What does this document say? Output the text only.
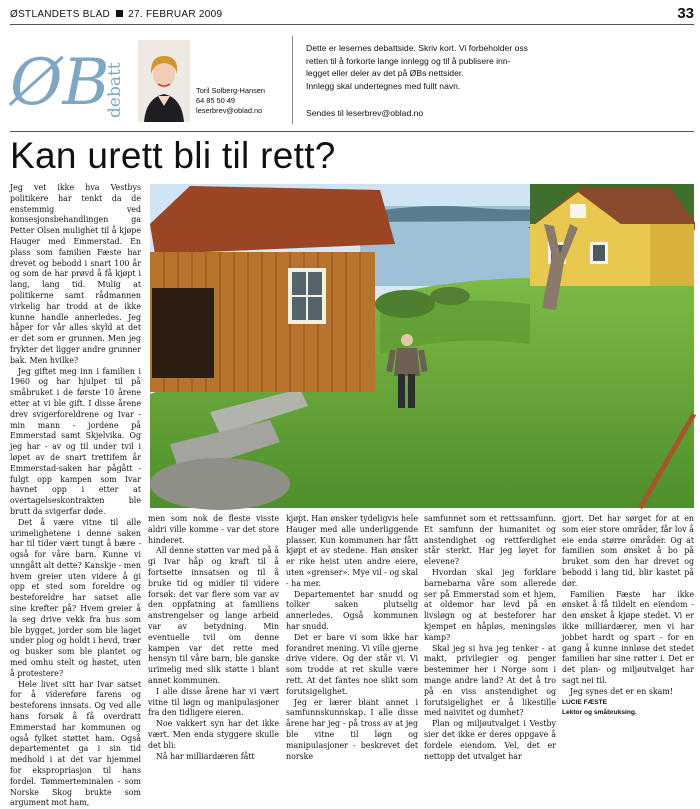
ØSTLANDETS BLAD 27. FEBRUAR 2009	33
ØB
debatt	Toril Solberg-Hansen
64 85 50 49
leserbrev@oblad.no
Dette er lesernes debattside. Skriv kort. Vi forbeholder oss
retten til å forkorte lange innlegg og til å publisere inn-
legget eller deler av det på ØBs nettsider.
Innlegg skal undertegnes med fullt navn.
Sendes til leserbrev@oblad.no
Kan urett bli til rett?

Jeg vet ikke hva Vestbys politikere har tenkt da de enstemmig ved konsesjonsbehandlingen ga Petter Olsen mulighet til å kjøpe Hauger med Emmerstad. En plass som familien Fæste har drevet og bebodd i snart 100 år og som de har prøvd å få kjøpt i lang, lang tid. Mulig at politikerne samt rådmannen virkelig har trodd at de ikke kunne handle annerledes. Jeg håper for vår alles skyld at det er det som er grunnen. Men jeg frykter det ligger andre grunner bak. Men hvilke?

Jeg giftet meg inn i familien i 1960 og har hjulpet til på småbruket i de første 10 årene etter at vi ble gift. I disse årene drev svigerforeldrene og Ivar - min mann - jordene på Emmerstad samt Skjelvika. Og jeg har - av og til under tvil i løpet av de snart trettifem år Emmerstad-saken har pågått - fulgt opp kampen som Ivar havnet opp i etter at overtagelseskontrakten ble brutt da svigerfar døde.

Det å være vitne til alle urimelighetene i denne saken har til tider vært tungt å bære - også for våre barn. Kunne vi unngått alt dette? Kanskje - men hvem greier uten videre å gi opp et sted som foreldre og besteforeldre har satset alle sine krefter på? Hvem greier å la seg drive vekk fra hus som ble bygget, jorder som ble laget under plog og holdt i hevd, trær og busker som ble plantet og med omhu stelt og høstet, uten å protestere?

Hele livet sitt har Ivar satset for å videreføre farens og besteforens innsats. Og ved alle hans forsøk å få overdratt Emmerstad har kommunen og også fylket støttet ham. Også departementet ga i sin tid medhold i at det var hjemmel for ekspropriasjon til hans fordel. Tømmerteminalen - som Norske Skog brukte som argument mot ham,

men som nok de fleste visste aldri ville komme - var det store hinderet.

All denne støtten var med på å gi Ivar håp og kraft til å fortsette innsatsen og til å bruke tid og midler til videre forsøk: det var flere som var av den oppfatning at familiens anstrengelser og lange arbeid var av betydning. Min eventuelle tvil om denne kampen var det rette med hensyn til våre barn, ble ganske urimelig med slik støtte i blant annet kommunen.

I alle disse årene har vi vært vitne til løgn og manipulasjoner fra den tidligere eieren.

Noe vakkert syn har det ikke vært. Men enda styggere skulle det bli:

Nå har milliardæren fått

kjøpt. Han ønsker tydeligvis hele Hauger med alle underliggende plasser. Kun kommunen har fått kjøpt et av stedene. Han ønsker er rike heist uten andre eiere, uten «grenser». Mye vil - og skal - ha mer.

Departementet har snudd og tolker saken plutselig annerledes. Også kommunen har snudd.

Det er bare vi som ikke har forandret mening. Vi ville gjerne drive videre. Og der står vi. Vi som trodde at ret skulle være rett. At det fantes noe slikt som forutsigelighet.

Jeg er lærer blant annet i samfunnskunnskap. I alle disse årene har jeg - på tross av at jeg ble vitne til løgn og manipulasjoner - beskrevet det norske

samfunnet som et rettssamfunn. Et samfunn der humanitet og anstendighet og rettferdighet står sterkt. Har jeg løyet for elevene?

Hvordan skal jeg forklare barnebarna våre som allerede ser på Emmerstad som et hjem, at oldemor har levd på en livsløgn og at besteforer har kjempet en håpløs, meningsløs kamp?

Skal jeg si hva jeg tenker - at makt, privilegier og penger bestemmer her i Norge som i mange andre land? At det å tro på en viss anstendighet og forutsigelighet er å likestille med naivitet og dumhet?

Plan og miljøutvalget i Vestby sier det ikke er deres oppgave å fordele eiendom. Vel, det er nettopp det utvalget har

gjort. Det har sørget for at en som eier store områder, får lov å eie enda større områder. Og at familien som ønsket å bo på bruket som den har drevet og bebodd i lang tid, blir kastet på dør.

Familien Fæste har ikke ønsket å få tildelt en eiendom - den ønsket å kjøpe stedet. Vi er ikke milliardærer, men vi har jobbet hardt og spart - for en gang å kunne innløse det stedet familien har sine røtter i. Det er det plan- og miljøutvalget har sagt nei til.

Jeg synes det er en skam!

LUCIE FÆSTE

Lektor og småbruksing.
